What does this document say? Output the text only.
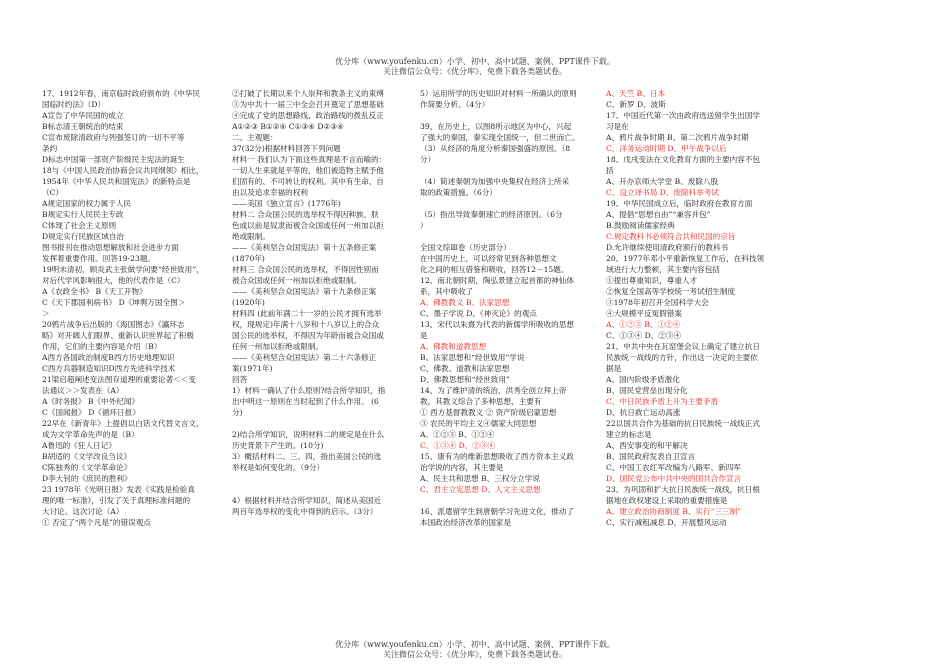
优分库（www.youfenku.cn）小学、初中、高中试题、案例、PPT课件下载。
关注微信公众号：《优分库》，免费下载各类题试卷。
17、1912年春，南京临时政府颁布的《中华民
国临时约法》（D）
A宣告了中华民国的成立
B标志清王朝统治的结束
C宣布废除清政府与列强签订的一切不平等
条约
D标志中国第一部资产阶级民主宪法的诞生
18与《中国人民政治协商会议共同纲领》相比，
1954年《中华人民共和国宪法》的新特点是
（C）
A规定国家的权力属于人民
B规定实行人民民主专政
C体现了社会主义原则
D规定实行民族区域自治
图书报刊在推动思想解放和社会进步方面
发挥着重要作用。回答19-23题。
19明末清初，顾炎武主张做学问要“经世致用”，
对后代学风影响很大，他的代表作是（C）
A《农政全书》 B《天工开物》
C《天下郡国利病书》 D《坤舆万国全图＞
＞
20鸦片战争后出版的《海国图志》《瀛环志
略》对开阔人们眼界、重新认识世界起了积极
作用，它们的主要内容是介绍（B）
A西方各国政治制度B西方历史地理知识
C西方兵器制造知识D西方先进科学技术
21梁启超阐述变法图存道理的重要论著＜＜变
法通议＞＞发表在（A）
A《时务报》 B《中外纪闻》
C《国闻报》 D《循环日报》
22早在《新青年》上提倡以白话文代替文言文，
成为文学革命先声的是（B）
A鲁迅的《狂人日记》
B胡适的《文学改良刍议》
C陈独秀的《文学革命论》
D李大钊的《庶民的胜利》
23 1978年《光明日报》发表《实践是检验真
理的唯一标准》，引发了关于真理标准问题的
大讨论。这次讨论（A）
① 否定了“两个凡是”的错误观点
②打破了长期以来个人崇拜和教条主义的束缚
③为中共十一届三中全会召开奠定了思想基础
④完成了党的思想路线、政治路线的拨乱反正
A①②③ B①②④ C①③④ D②③④
二、主观题：
37(32分)根据材料回答下列问题
材料一 我们认为下面这些真理是不言而喻的：
一切人生来就是平等的，他们被造物主赋予他
们固有的、不可转让的权利。其中有生命、自
由以及追求幸福的权利
——美国《独立宣言》(1776年)
材料二 合众国公民的选举权不得因种族、肤
色或以前是奴隶而被合众国或任何一州加以拒
绝或限制。
——《美利坚合众国宪法》第十五条修正案
(1870年)
材料三 合众国公民的选举权，不得因性别而
被合众国或任何一州加以拒绝或限制。
——《美利坚合众国宪法》第十九条修正案
(1920年)
材料四 (此前年满二十一岁的公民才拥有选举
权，现规定)年满十八岁和十八岁以上的合众
国公民的选举权，不得因为年龄而被合众国或
任何一州加以拒绝或限制。
——《美利坚合众国宪法》第二十六条修正
案(1971年)
回答
1）材料一确认了什么原则?结合所学知识，指
出中明这一原则在当时起到了什么作用。 (6
分)
2)结合所学知识，说明材料二的规定是在什么
历史背景下产生的。(10分)
3）概括材料二、三、四，指出美国公民的选
举权是如何变化的。（9分）
4）根据材料并结合所学知识，简述从美国近
两百年选举权的变化中得到的启示。（3分）
5）运用所学的历史知识对材料一所确认的原则
作简要分析。（4分）
39、在历史上，以图8所示地区为中心，兴起
了强大的秦国，秦实现全国统一，但二世而亡。
（3）从经济的角度分析秦国强盛的原因。（8
分）
（4）简述秦朝为加强中央集权在经济上所采
取的政策措施。（6分）
（5）指出导致秦朝速亡的经济原因。（6分
）
全国文综Ⅲ卷（历史部分）
在中国历史上，可以经常见到各种思想文
化之间的相互借鉴和吸收，回答12－15题。
12、南北朝时期，陶弘景建立起首都的神仙体
系，其中吸收了
A、佛教教义 B、法家思想
C、墨子学说 D、《神灭论》的观点
13、宋代以朱熹为代表的新儒学所吸收的思想
是
A、佛教和道教思想
B、法家思想和“经世致用”学说
C、佛教、道教和法家思想
D、佛教思想和“经世致用”
14、为了维护清的统治，洪秀全创立拜上帝
教，其教义综合了多种思想，主要有
① 西方基督教教义 ② 资产阶级启蒙思想
③ 农民的平均主义④儒家大同思想
A、①②③ B、①②④
C、①③④ D、②③④
15、康有为的维新思想吸收了西方资本主义政
治学说的内容，其主要是
A、民主共和思想 B、三权分立学说
C、君主立宪思想 D、人文主义思想
16、派遣留学生到唐朝学习先进文化，推动了
本国政治经济改革的国家是
A、天竺 B、日本
C、新罗 D、波斯
17、中国近代第一次由政府选送留学生出国学
习是在
A、鸦片战争时期 B、第二次鸦片战争时期
C、洋务运动时期 D、甲午战争以后
18、戊戌变法在文化教育方面的主要内容不包
括
A、开办京师大学堂 B、废除八股
C、设立译书局 D、废除科举考试
19、中华民国成立后，临时政府在教育方面
A、提倡“思想自由”“兼容并包”
B.鼓励阅读儒家经典
C.规定教科书必须符合共和民国的宗旨
D.允许继续使用清政府颁行的教科书
20、1977年邓小平重新恢复工作后，在科技领
域进行大力整顿，其主要内容包括
①提出尊重知识，尊重人才
②恢复全国高等学校统一考试招生制度
③1978年初召开全国科学大会
④大规模平反冤假错案
A、①②③ B、①②④
C、①③④ D、②③④
21、中共中央在瓦窑堡会议上确定了建立抗日
民族统一战线的方针，作出这一决定的主要依
据是
A、国内阶级矛盾激化
B、国民党营垒出现分化
C、中日民族矛盾上升为主要矛盾
D、抗日救亡运动高涨
22以国共合作为基础的抗日民族统一战线正式
建立的标志是
A、西安事变的和平解决
B、国民政府发表自卫宣言
C、中国工农红军改编为八路军、新四军
D、国民党公布中共中央的国共合作宣言
23、为巩固和扩大抗日民族统一战线，抗日根
据地在政权建设上采取的重要措施是
A、建立政治协商制度 B、实行“三三制”
C、实行减租减息 D、开展整风运动
优分库（www.youfenku.cn）小学、初中、高中试题、案例、PPT课件下载。
关注微信公众号：《优分库》，免费下载各类题试卷。
